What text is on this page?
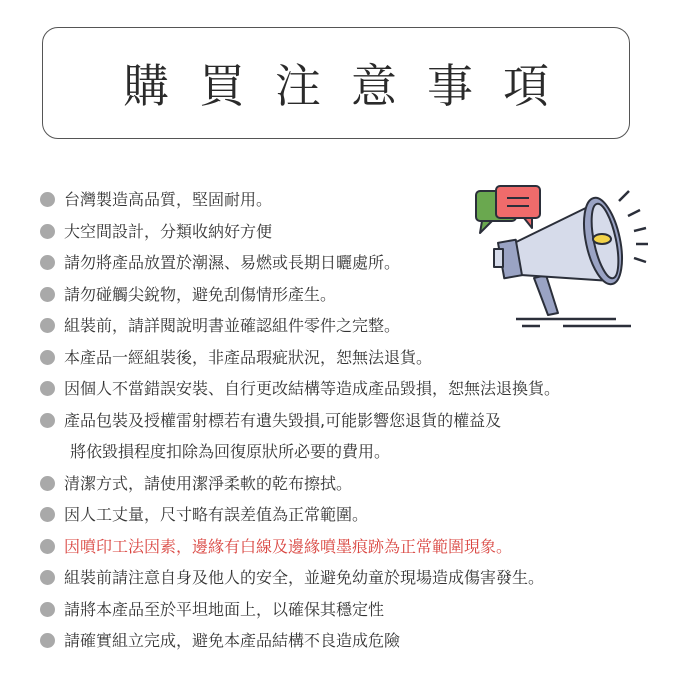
購買注意事項
台灣製造高品質，堅固耐用。
大空間設計，分類收納好方便
請勿將產品放置於潮濕、易燃或長期日曬處所。
請勿碰觸尖銳物，避免刮傷情形產生。
組裝前，請詳閱說明書並確認組件零件之完整。
本產品一經組裝後，非產品瑕疵狀況，恕無法退貨。
因個人不當錯誤安裝、自行更改結構等造成產品毀損，恕無法退換貨。
產品包裝及授權雷射標若有遺失毀損,可能影響您退貨的權益及
將依毀損程度扣除為回復原狀所必要的費用。
清潔方式，請使用潔淨柔軟的乾布擦拭。
因人工丈量，尺寸略有誤差值為正常範圍。
因噴印工法因素，邊緣有白線及邊緣噴墨痕跡為正常範圍現象。
組裝前請注意自身及他人的安全，並避免幼童於現場造成傷害發生。
請將本產品至於平坦地面上，以確保其穩定性
請確實組立完成，避免本產品結構不良造成危險
